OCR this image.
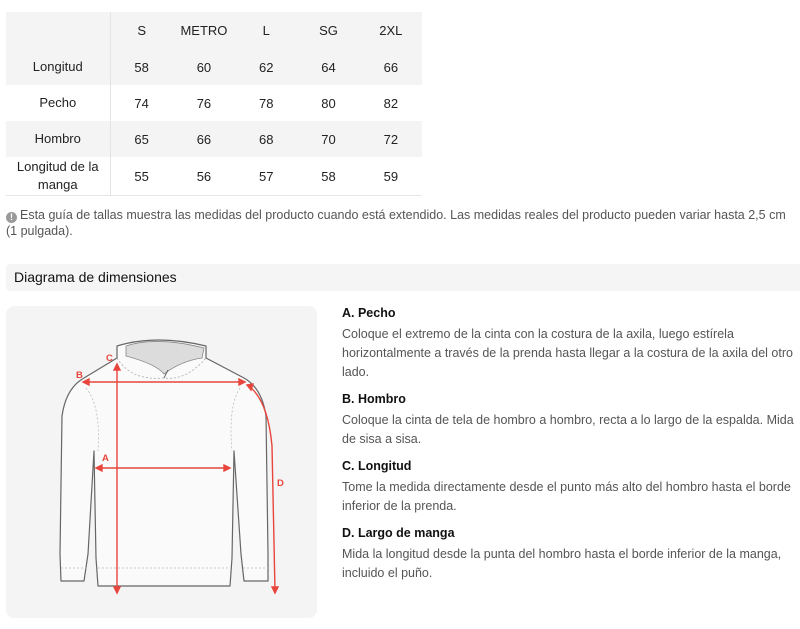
	S	METRO	L	SG	2XL
Longitud	58	60	62	64	66
Pecho	74	76	78	80	82
Hombro	65	66	68	70	72
Longitud de la manga	55	56	57	58	59
! Esta guía de tallas muestra las medidas del producto cuando está extendido. Las medidas reales del producto pueden variar hasta 2,5 cm (1 pulgada).
Diagrama de dimensiones
C
B
A
D
A. Pecho
Coloque el extremo de la cinta con la costura de la axila, luego estírela horizontalmente a través de la prenda hasta llegar a la costura de la axila del otro lado.
B. Hombro
Coloque la cinta de tela de hombro a hombro, recta a lo largo de la espalda. Mida de sisa a sisa.
C. Longitud
Tome la medida directamente desde el punto más alto del hombro hasta el borde inferior de la prenda.
D. Largo de manga
Mida la longitud desde la punta del hombro hasta el borde inferior de la manga, incluido el puño.
